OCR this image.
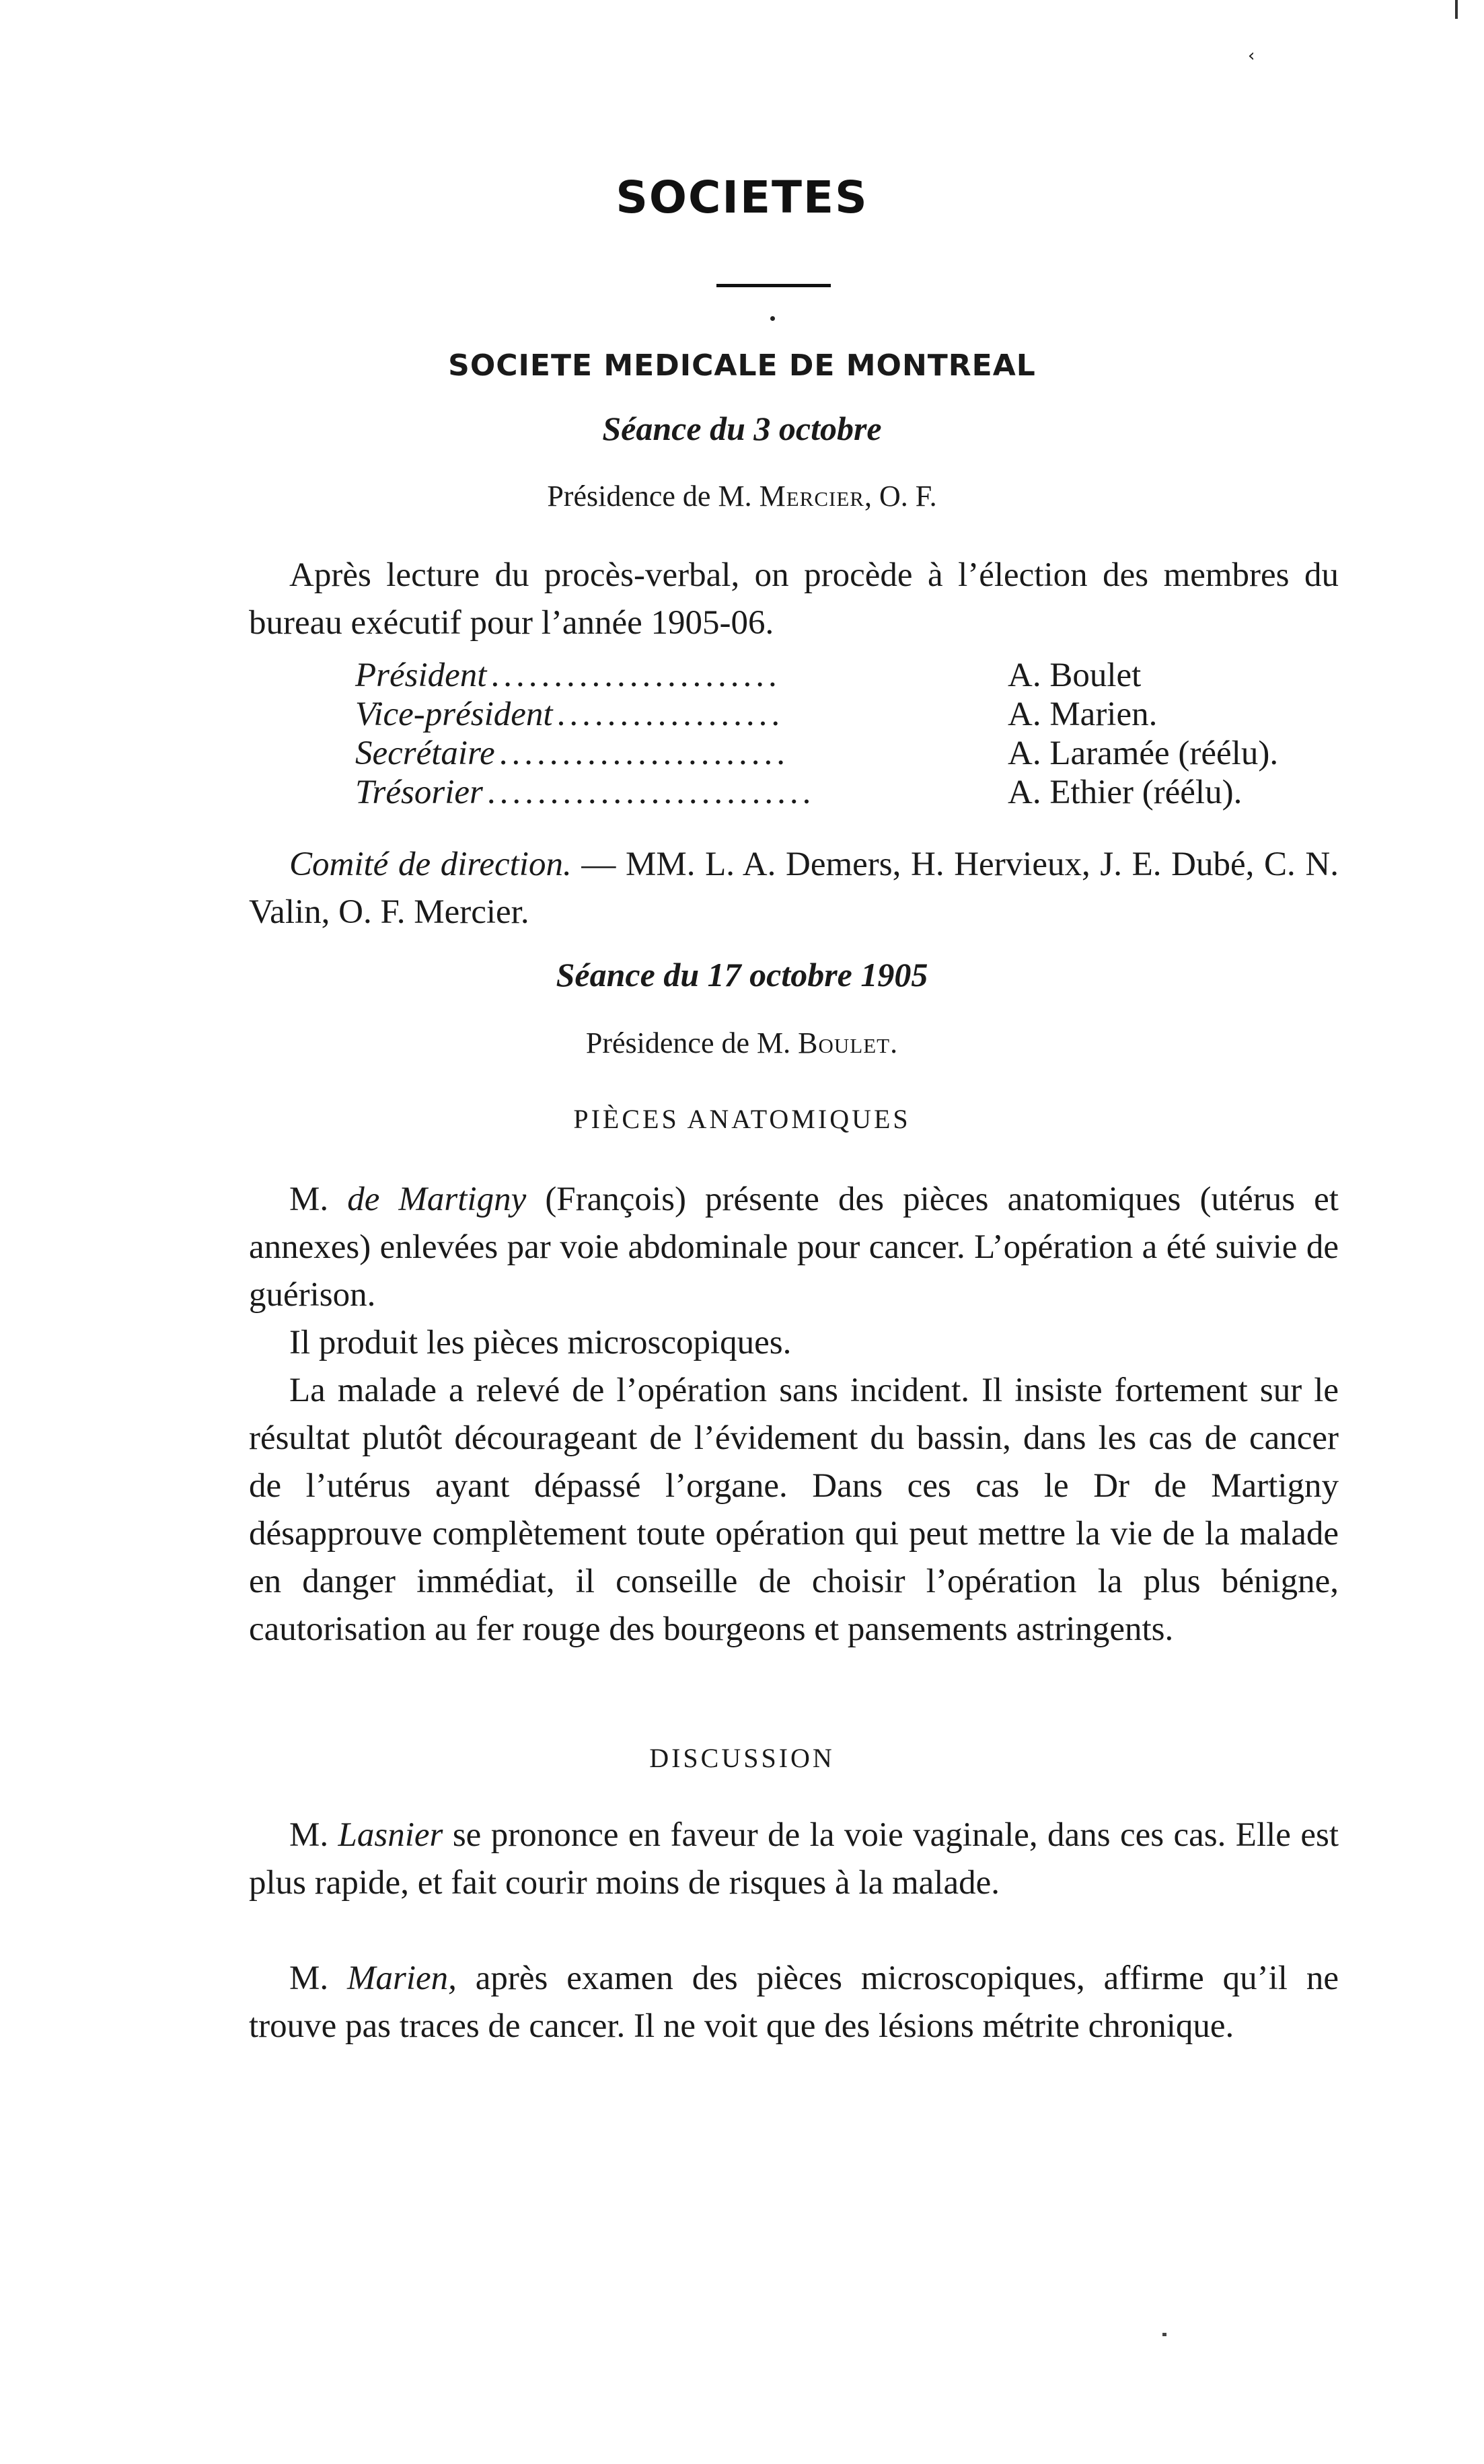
‹
SOCIETES
SOCIETE MEDICALE DE MONTREAL
Séance du 3 octobre
Présidence de M. Mercier, O. F.
Après lecture du procès-verbal, on procède à l’élection des membres du bureau exécutif pour l’année 1905-06.
Président .......................	A. Boulet
Vice-président ..................	A. Marien.
Secrétaire .......................	A. Laramée (réélu).
Trésorier ..........................	A. Ethier (réélu).
Comité de direction. — MM. L. A. Demers, H. Hervieux, J. E. Dubé, C. N. Valin, O. F. Mercier.
Séance du 17 octobre 1905
Présidence de M. Boulet.
PIÈCES ANATOMIQUES
M. de Martigny (François) présente des pièces anatomiques (utérus et annexes) enlevées par voie abdominale pour cancer. L’opération a été suivie de guérison.
Il produit les pièces microscopiques.
La malade a relevé de l’opération sans incident. Il insiste fortement sur le résultat plutôt décourageant de l’évidement du bassin, dans les cas de cancer de l’utérus ayant dépassé l’organe. Dans ces cas le Dr de Martigny désapprouve complètement toute opération qui peut mettre la vie de la malade en danger immédiat, il conseille de choisir l’opération la plus bénigne, cautorisation au fer rouge des bourgeons et pansements astringents.
DISCUSSION
M. Lasnier se prononce en faveur de la voie vaginale, dans ces cas. Elle est plus rapide, et fait courir moins de risques à la malade.
M. Marien, après examen des pièces microscopiques, affirme qu’il ne trouve pas traces de cancer. Il ne voit que des lésions métrite chronique.
